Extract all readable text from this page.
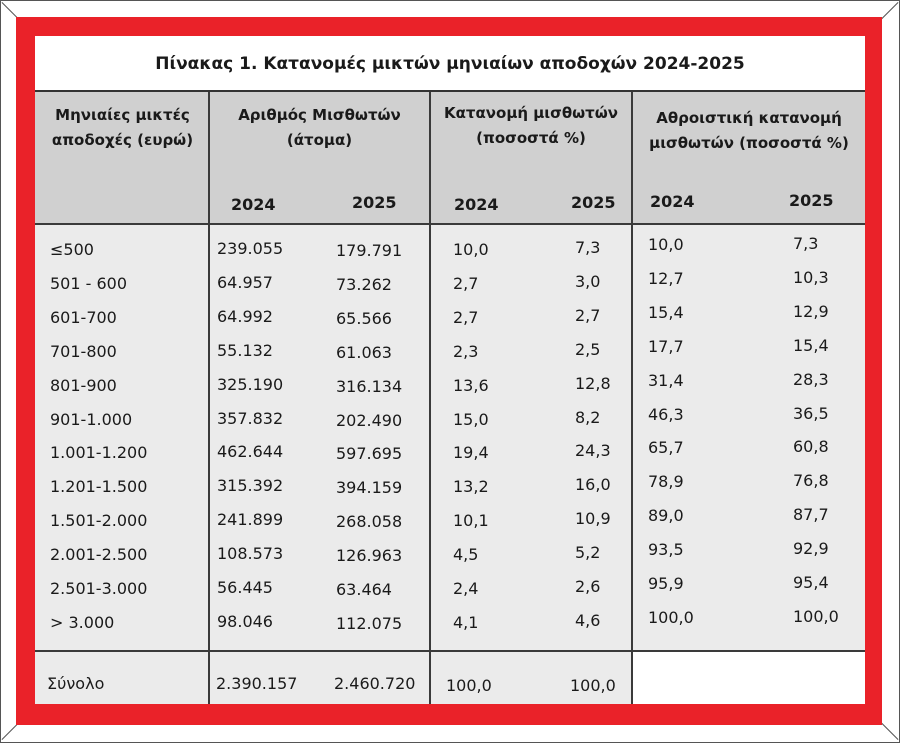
Πίνακας 1. Κατανομές μικτών μηνιαίων αποδοχών 2024-2025
Μηνιαίες μικτές
αποδοχές (ευρώ)
Αριθμός Μισθωτών
(άτομα)
Κατανομή μισθωτών
(ποσοστά %)
Αθροιστική κατανομή
μισθωτών (ποσοστά %)
2024	2025	2024	2025 2024	2025
≤500	239.055	179.791	10,0	7,3	10,0	7,3
501 - 600	64.957	73.262	2,7	3,0	12,7	10,3
601-700	64.992	65.566	2,7	2,7	15,4	12,9
701-800	55.132	61.063	2,3	2,5	17,7	15,4
801-900	325.190	316.134	13,6	12,8 31,4	28,3
901-1.000	357.832	202.490	15,0	8,2	46,3	36,5
1.001-1.200	462.644	597.695	19,4	24,3 65,7	60,8
1.201-1.500	315.392	394.159	13,2	16,0 78,9	76,8
1.501-2.000	241.899	268.058	10,1	10,9 89,0	87,7
2.001-2.500	108.573	126.963	4,5	5,2	93,5	92,9
2.501-3.000	56.445	63.464	2,4	2,6	95,9	95,4
> 3.000	98.046	112.075	4,1	4,6	100,0	100,0
Σύνολο	2.390.157 2.460.720 100,0	100,0
